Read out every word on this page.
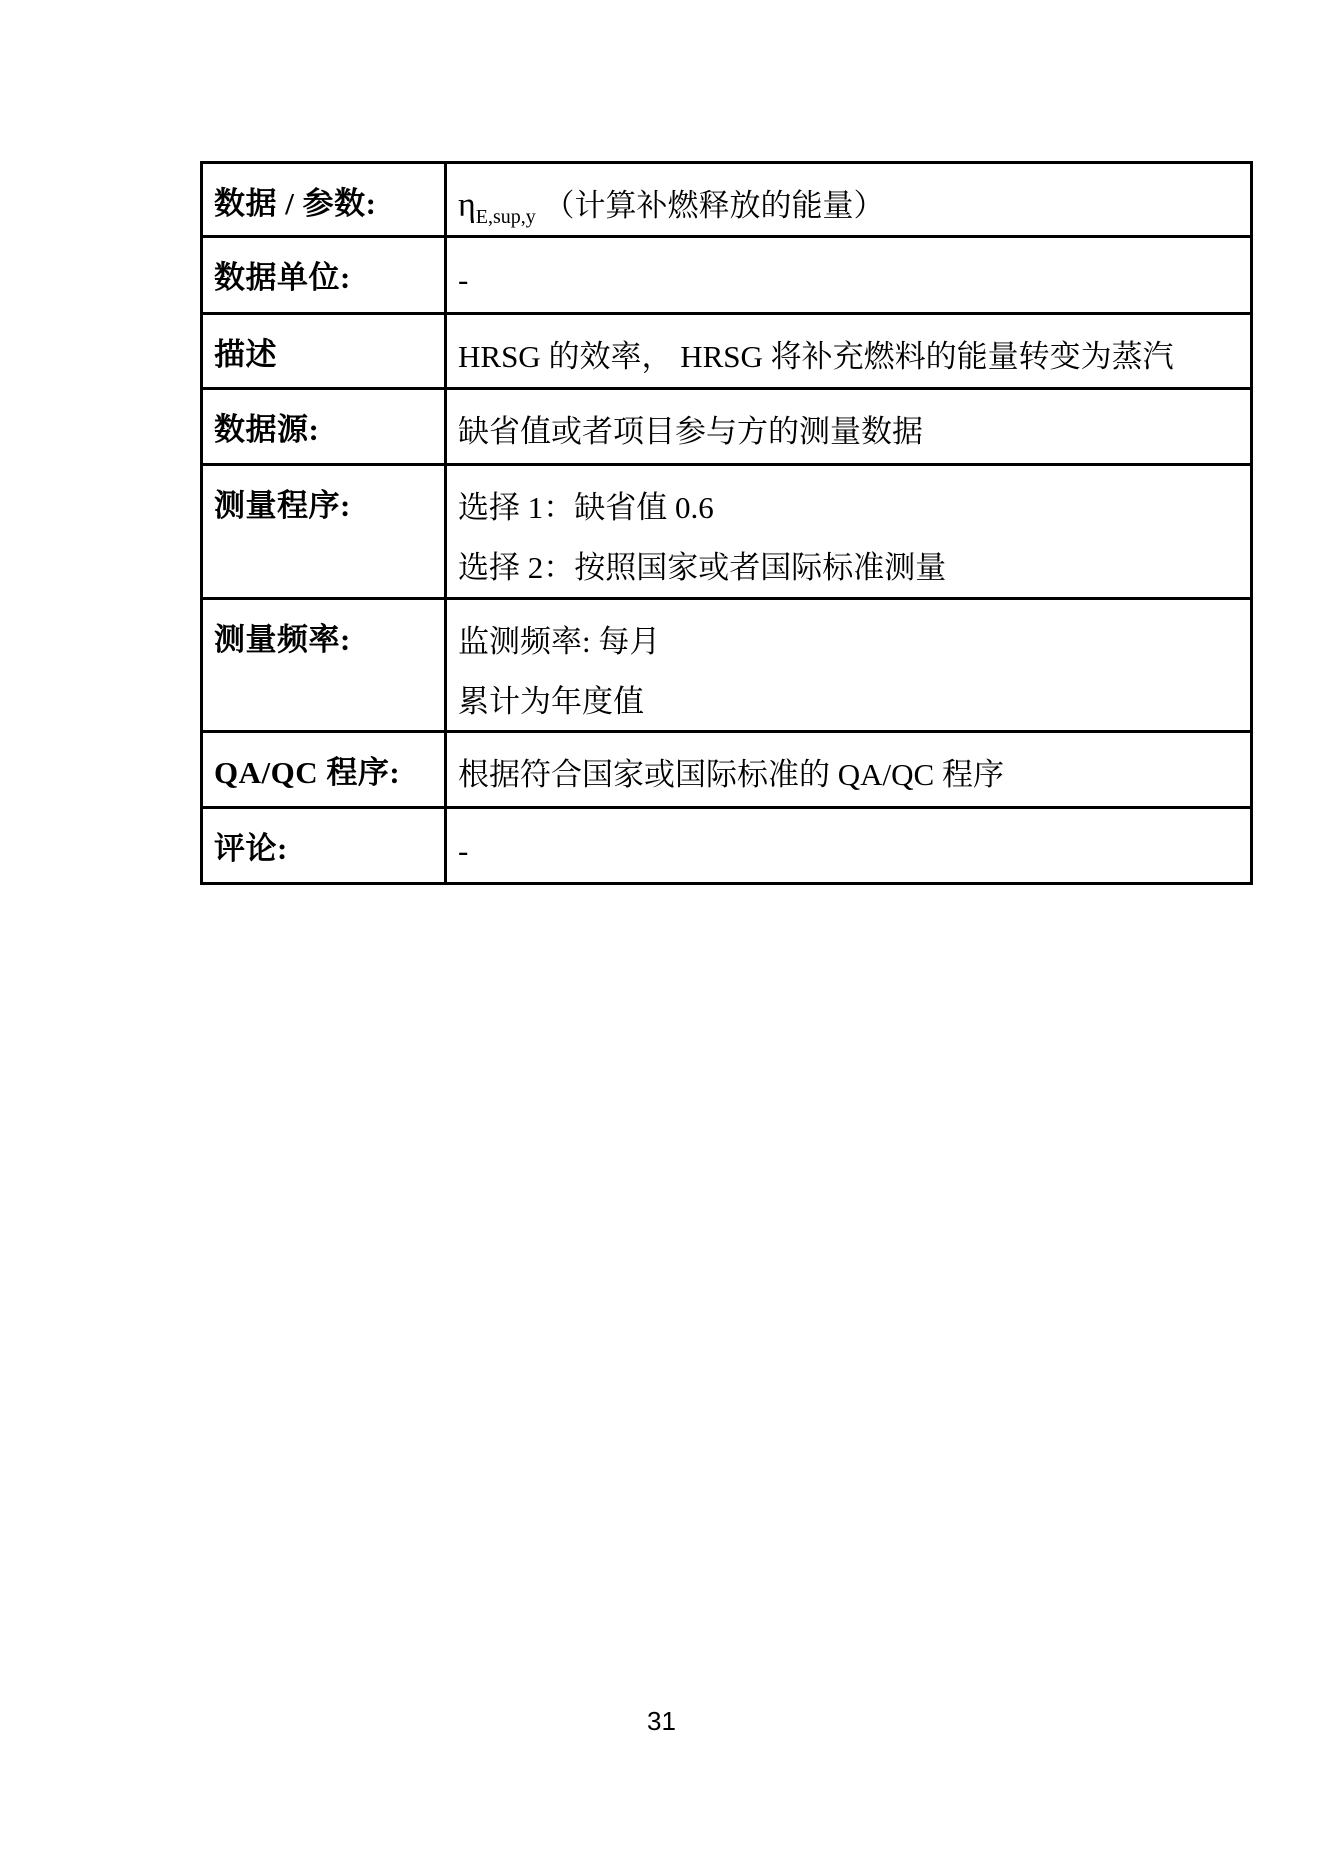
数据 / 参数:	$\eta_{E,sup,y}$ （计算补燃释放的能量）

数据单位:	-

描述	HRSG 的效率， HRSG 将补充燃料的能量转变为蒸汽

数据源:	缺省值或者项目参与方的测量数据

测量程序:	选择 1：缺省值 0.6

选择 2：按照国家或者国际标准测量

测量频率:	监测频率: 每月

累计为年度值

QA/QC 程序:	根据符合国家或国际标准的 QA/QC 程序

评论:	-

31
